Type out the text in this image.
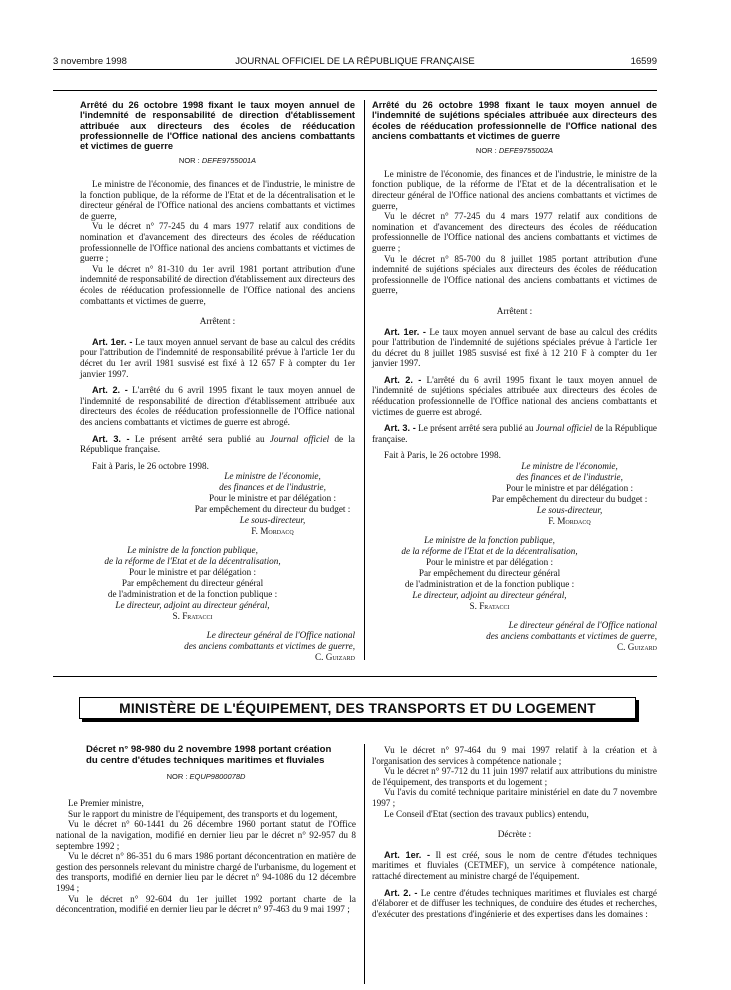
3 novembre 1998	JOURNAL OFFICIEL DE LA RÉPUBLIQUE FRANÇAISE	16599

Arrêté du 26 octobre 1998 fixant le taux moyen annuel de l'indemnité de responsabilité de direction d'établissement attribuée aux directeurs des écoles de rééducation professionnelle de l'Office national des anciens combattants et victimes de guerre

NOR : DEFE9755001A

Le ministre de l'économie, des finances et de l'industrie, le ministre de la fonction publique, de la réforme de l'Etat et de la décentralisation et le directeur général de l'Office national des anciens combattants et victimes de guerre,

Vu le décret n° 77-245 du 4 mars 1977 relatif aux conditions de nomination et d'avancement des directeurs des écoles de rééducation professionnelle de l'Office national des anciens combattants et victimes de guerre ;

Vu le décret n° 81-310 du 1er avril 1981 portant attribution d'une indemnité de responsabilité de direction d'établissement aux directeurs des écoles de rééducation professionnelle de l'Office national des anciens combattants et victimes de guerre,

Arrêtent :

Art. 1er. - Le taux moyen annuel servant de base au calcul des crédits pour l'attribution de l'indemnité de responsabilité prévue à l'article 1er du décret du 1er avril 1981 susvisé est fixé à 12 657 F à compter du 1er janvier 1997.

Art. 2. - L'arrêté du 6 avril 1995 fixant le taux moyen annuel de l'indemnité de responsabilité de direction d'établissement attribuée aux directeurs des écoles de rééducation professionnelle de l'Office national des anciens combattants et victimes de guerre est abrogé.

Art. 3. - Le présent arrêté sera publié au Journal officiel de la République française.

Fait à Paris, le 26 octobre 1998.

Le ministre de l'économie,

des finances et de l'industrie,

Pour le ministre et par délégation :

Par empêchement du directeur du budget :

Le sous-directeur,

F. Mordacq

Le ministre de la fonction publique,

de la réforme de l'Etat et de la décentralisation,

Pour le ministre et par délégation :

Par empêchement du directeur général

de l'administration et de la fonction publique :

Le directeur, adjoint au directeur général,

S. Fratacci

Le directeur général de l'Office national

des anciens combattants et victimes de guerre,

C. Guizard

Arrêté du 26 octobre 1998 fixant le taux moyen annuel de l'indemnité de sujétions spéciales attribuée aux directeurs des écoles de rééducation professionnelle de l'Office national des anciens combattants et victimes de guerre

NOR : DEFE9755002A

Le ministre de l'économie, des finances et de l'industrie, le ministre de la fonction publique, de la réforme de l'Etat et de la décentralisation et le directeur général de l'Office national des anciens combattants et victimes de guerre,

Vu le décret n° 77-245 du 4 mars 1977 relatif aux conditions de nomination et d'avancement des directeurs des écoles de rééducation professionnelle de l'Office national des anciens combattants et victimes de guerre ;

Vu le décret n° 85-700 du 8 juillet 1985 portant attribution d'une indemnité de sujétions spéciales aux directeurs des écoles de rééducation professionnelle de l'Office national des anciens combattants et victimes de guerre,

Arrêtent :

Art. 1er. - Le taux moyen annuel servant de base au calcul des crédits pour l'attribution de l'indemnité de sujétions spéciales prévue à l'article 1er du décret du 8 juillet 1985 susvisé est fixé à 12 210 F à compter du 1er janvier 1997.

Art. 2. - L'arrêté du 6 avril 1995 fixant le taux moyen annuel de l'indemnité de sujétions spéciales attribuée aux directeurs des écoles de rééducation professionnelle de l'Office national des anciens combattants et victimes de guerre est abrogé.

Art. 3. - Le présent arrêté sera publié au Journal officiel de la République française.

Fait à Paris, le 26 octobre 1998.

Le ministre de l'économie,

des finances et de l'industrie,

Pour le ministre et par délégation :

Par empêchement du directeur du budget :

Le sous-directeur,

F. Mordacq

Le ministre de la fonction publique,

de la réforme de l'Etat et de la décentralisation,

Pour le ministre et par délégation :

Par empêchement du directeur général

de l'administration et de la fonction publique :

Le directeur, adjoint au directeur général,

S. Fratacci

Le directeur général de l'Office national

des anciens combattants et victimes de guerre,

C. Guizard

MINISTÈRE DE L'ÉQUIPEMENT, DES TRANSPORTS ET DU LOGEMENT

Décret n° 98-980 du 2 novembre 1998 portant création du centre d'études techniques maritimes et fluviales

NOR : EQUP9800078D

Le Premier ministre,

Sur le rapport du ministre de l'équipement, des transports et du logement,

Vu le décret n° 60-1441 du 26 décembre 1960 portant statut de l'Office national de la navigation, modifié en dernier lieu par le décret n° 92-957 du 8 septembre 1992 ;

Vu le décret n° 86-351 du 6 mars 1986 portant déconcentration en matière de gestion des personnels relevant du ministre chargé de l'urbanisme, du logement et des transports, modifié en dernier lieu par le décret n° 94-1086 du 12 décembre 1994 ;

Vu le décret n° 92-604 du 1er juillet 1992 portant charte de la déconcentration, modifié en dernier lieu par le décret n° 97-463 du 9 mai 1997 ;

Vu le décret n° 97-464 du 9 mai 1997 relatif à la création et à l'organisation des services à compétence nationale ;

Vu le décret n° 97-712 du 11 juin 1997 relatif aux attributions du ministre de l'équipement, des transports et du logement ;

Vu l'avis du comité technique paritaire ministériel en date du 7 novembre 1997 ;

Le Conseil d'Etat (section des travaux publics) entendu,

Décrète :

Art. 1er. - Il est créé, sous le nom de centre d'études techniques maritimes et fluviales (CETMEF), un service à compétence nationale, rattaché directement au ministre chargé de l'équipement.

Art. 2. - Le centre d'études techniques maritimes et fluviales est chargé d'élaborer et de diffuser les techniques, de conduire des études et recherches, d'exécuter des prestations d'ingénierie et des expertises dans les domaines :
